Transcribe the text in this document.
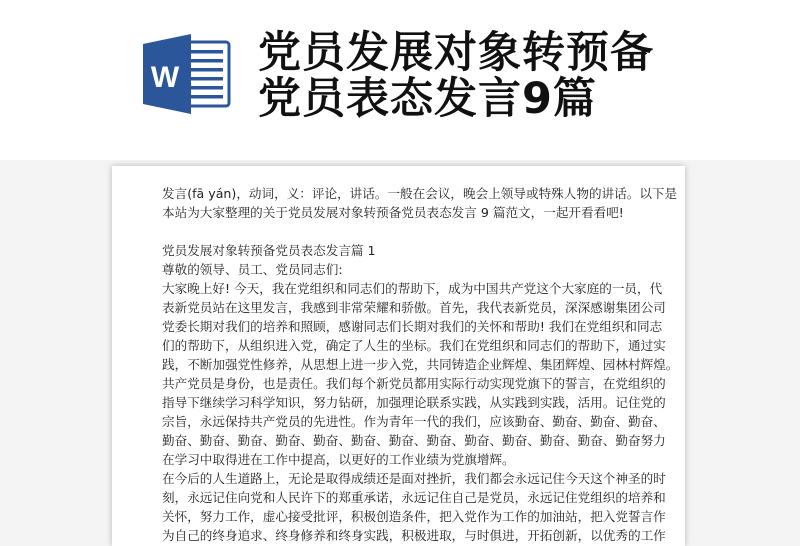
W 党员发展对象转预备
党员表态发言9篇
发言(fā yán)，动词，义：评论，讲话。一般在会议，晚会上领导或特殊人物的讲话。以下是
本站为大家整理的关于党员发展对象转预备党员表态发言 9 篇范文，一起开看看吧!
党员发展对象转预备党员表态发言篇 1
尊敬的领导、员工、党员同志们:
大家晚上好! 今天，我在党组织和同志们的帮助下，成为中国共产党这个大家庭的一员，代
表新党员站在这里发言，我感到非常荣耀和骄傲。首先，我代表新党员，深深感谢集团公司
党委长期对我们的培养和照顾，感谢同志们长期对我们的关怀和帮助! 我们在党组织和同志
们的帮助下，从组织进入党，确定了人生的坐标。我们在党组织和同志们的帮助下，通过实
践，不断加强党性修养，从思想上进一步入党，共同铸造企业辉煌、集团辉煌、园林村辉煌。
共产党员是身份，也是责任。我们每个新党员都用实际行动实现党旗下的誓言，在党组织的
指导下继续学习科学知识，努力钻研，加强理论联系实践，从实践到实践，活用。记住党的
宗旨，永远保持共产党员的先进性。作为青年一代的我们，应该勤奋、勤奋、勤奋、勤奋、
勤奋、勤奋、勤奋、勤奋、勤奋、勤奋、勤奋、勤奋、勤奋、勤奋、勤奋、勤奋、勤奋努力
在学习中取得进在工作中提高，以更好的工作业绩为党旗增辉。
在今后的人生道路上，无论是取得成绩还是面对挫折，我们都会永远记住今天这个神圣的时
刻，永远记住向党和人民许下的郑重承诺，永远记住自己是党员，永远记住党组织的培养和
关怀，努力工作，虚心接受批评，积极创造条件，把入党作为工作的加油站，把入党誓言作
为自己的终身追求、终身修养和终身实践，积极进取，与时俱进，开拓创新，以优秀的工作
